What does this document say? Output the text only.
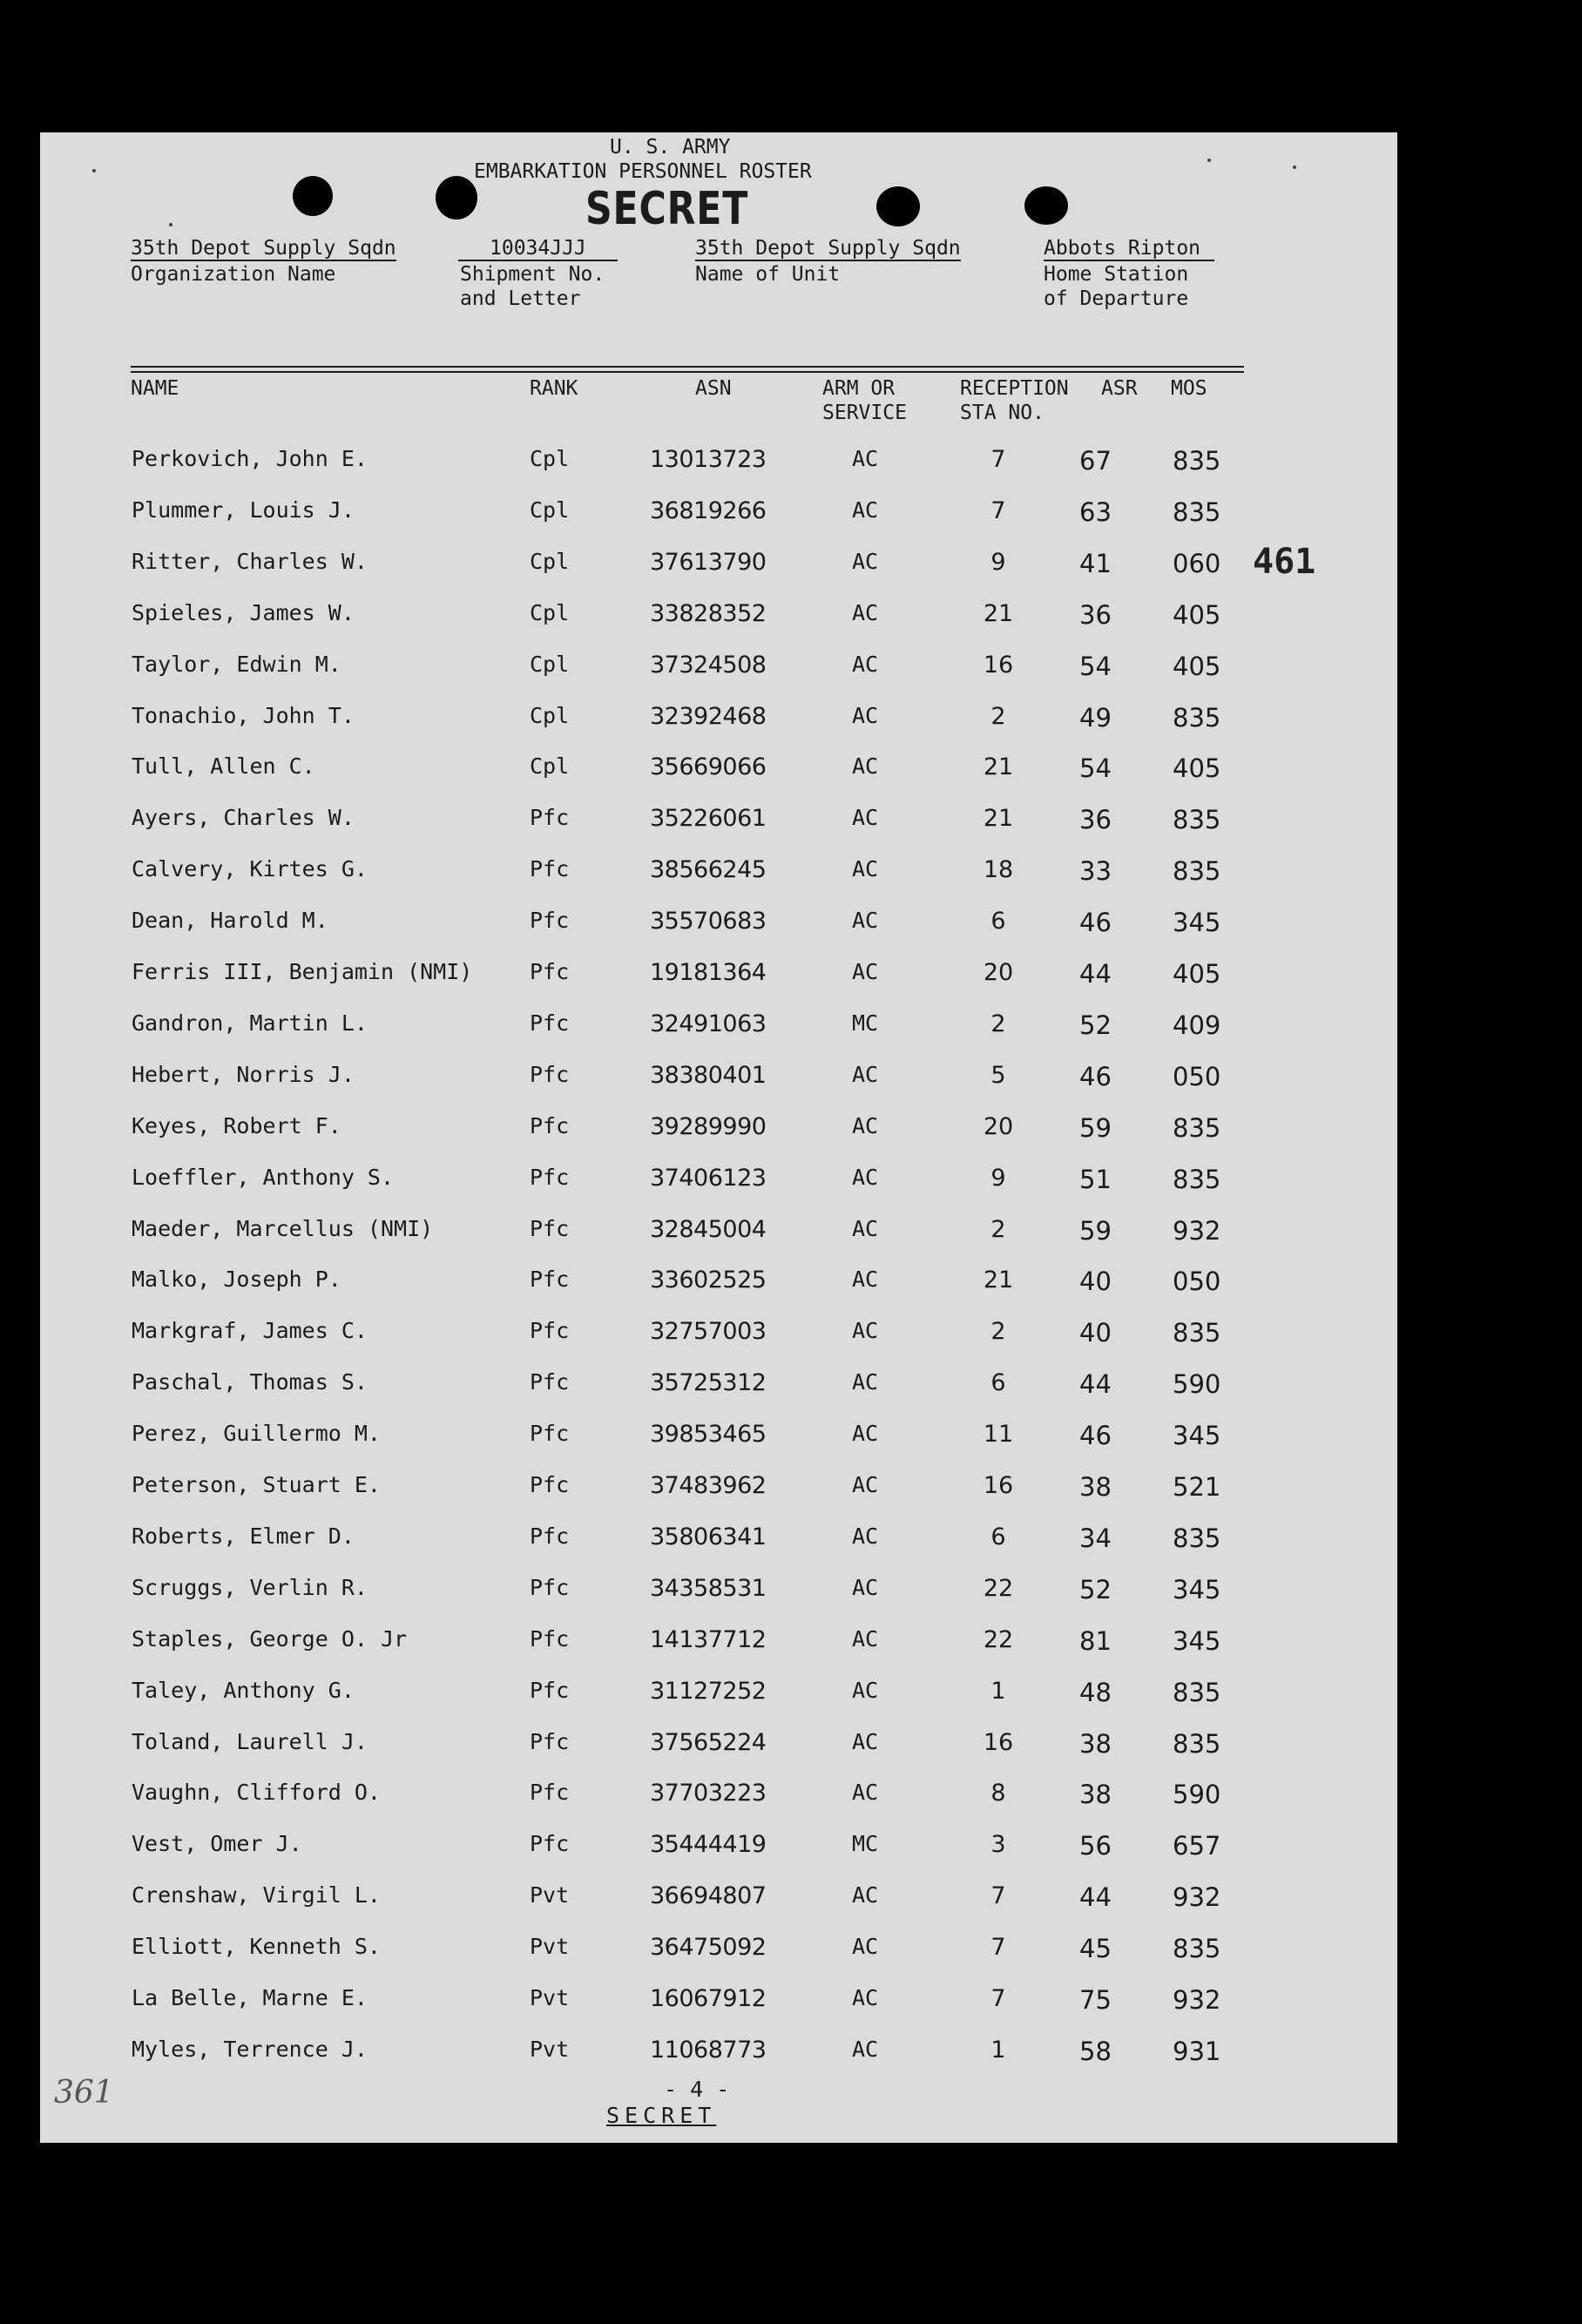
U. S. ARMY
EMBARKATION PERSONNEL ROSTER
SECRET
35th Depot Supply Sqdn
Organization Name
10034JJJ
Shipment No.
and Letter
35th Depot Supply Sqdn
Name of Unit
Abbots Ripton
Home Station
of Departure
NAME	RANK	ASN	ARM OR
SERVICE
RECEPTION
STA NO.
ASR MOS
Perkovich, John E.	Cpl	13013723	AC	7	67 835
Plummer, Louis J.	Cpl	36819266	AC	7	63 835
Ritter, Charles W.	Cpl	37613790	AC	9	41 060
Spieles, James W.	Cpl	33828352	AC	21	36 405
Taylor, Edwin M.	Cpl	37324508	AC	16	54 405
Tonachio, John T.	Cpl	32392468	AC	2	49 835
Tull, Allen C.	Cpl	35669066	AC	21	54 405
Ayers, Charles W.	Pfc	35226061	AC	21	36 835
Calvery, Kirtes G.	Pfc	38566245	AC	18	33 835
Dean, Harold M.	Pfc	35570683	AC	6	46 345
Ferris III, Benjamin (NMI)	Pfc	19181364	AC	20	44 405
Gandron, Martin L.	Pfc	32491063	MC	2	52 409
Hebert, Norris J.	Pfc	38380401	AC	5	46 050
Keyes, Robert F.	Pfc	39289990	AC	20	59 835
Loeffler, Anthony S.	Pfc	37406123	AC	9	51 835
Maeder, Marcellus (NMI)	Pfc	32845004	AC	2	59 932
Malko, Joseph P.	Pfc	33602525	AC	21	40 050
Markgraf, James C.	Pfc	32757003	AC	2	40 835
Paschal, Thomas S.	Pfc	35725312	AC	6	44 590
Perez, Guillermo M.	Pfc	39853465	AC	11	46 345
Peterson, Stuart E.	Pfc	37483962	AC	16	38 521
Roberts, Elmer D.	Pfc	35806341	AC	6	34 835
Scruggs, Verlin R.	Pfc	34358531	AC	22	52 345
Staples, George O. Jr	Pfc	14137712	AC	22	81 345
Taley, Anthony G.	Pfc	31127252	AC	1	48 835
Toland, Laurell J.	Pfc	37565224	AC	16	38 835
Vaughn, Clifford O.	Pfc	37703223	AC	8	38 590
Vest, Omer J.	Pfc	35444419	MC	3	56 657
Crenshaw, Virgil L.	Pvt	36694807	AC	7	44 932
Elliott, Kenneth S.	Pvt	36475092	AC	7	45 835
La Belle, Marne E.	Pvt	16067912	AC	7	75 932
Myles, Terrence J.	Pvt	11068773	AC	1	58 931
461
361	- 4 -
SECRET
